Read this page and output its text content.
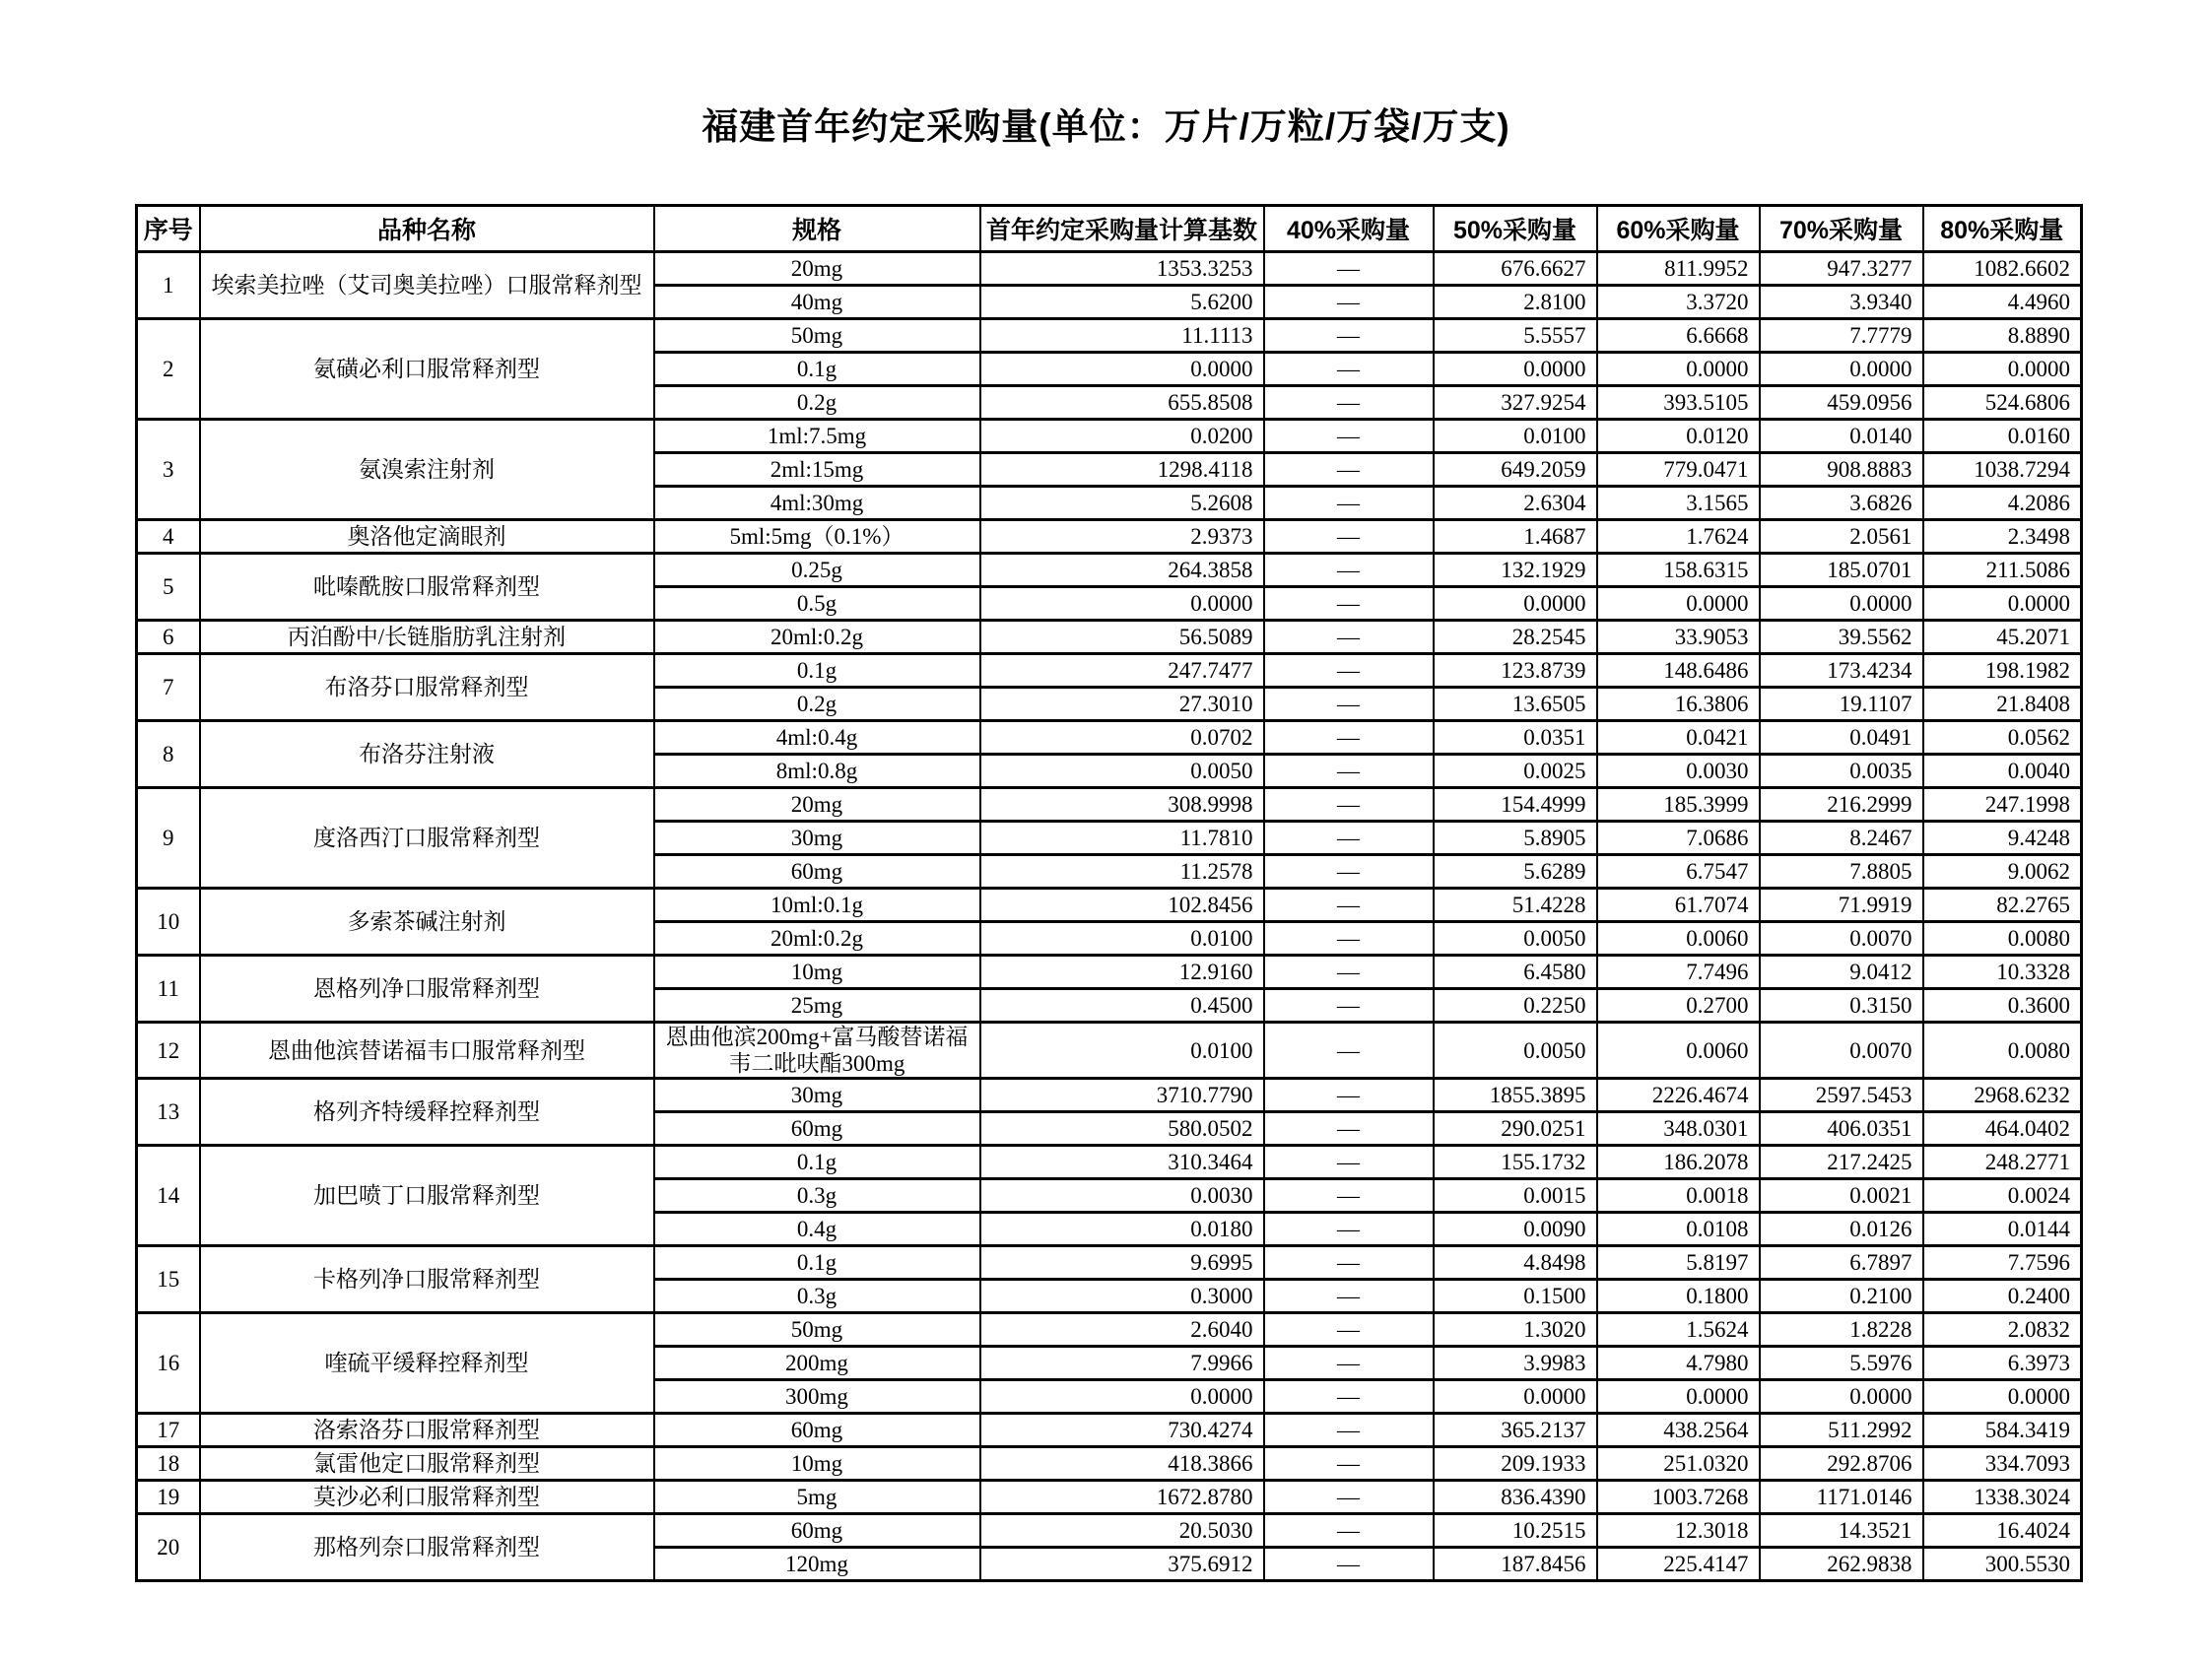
福建首年约定采购量(单位：万片/万粒/万袋/万支)
序号	品种名称	规格	首年约定采购量计算基数	40%采购量	50%采购量	60%采购量	70%采购量	80%采购量
1	埃索美拉唑（艾司奥美拉唑）口服常释剂型	20mg	1353.3253	—	676.6627	811.9952	947.3277	1082.6602
		40mg	5.6200	—	2.8100	3.3720	3.9340	4.4960
2	氨磺必利口服常释剂型	50mg	11.1113	—	5.5557	6.6668	7.7779	8.8890
		0.1g	0.0000	—	0.0000	0.0000	0.0000	0.0000
		0.2g	655.8508	—	327.9254	393.5105	459.0956	524.6806
3	氨溴索注射剂	1ml:7.5mg	0.0200	—	0.0100	0.0120	0.0140	0.0160
		2ml:15mg	1298.4118	—	649.2059	779.0471	908.8883	1038.7294
		4ml:30mg	5.2608	—	2.6304	3.1565	3.6826	4.2086
4	奥洛他定滴眼剂	5ml:5mg（0.1%）	2.9373	—	1.4687	1.7624	2.0561	2.3498
5	吡嗪酰胺口服常释剂型	0.25g	264.3858	—	132.1929	158.6315	185.0701	211.5086
		0.5g	0.0000	—	0.0000	0.0000	0.0000	0.0000
6	丙泊酚中/长链脂肪乳注射剂	20ml:0.2g	56.5089	—	28.2545	33.9053	39.5562	45.2071
7	布洛芬口服常释剂型	0.1g	247.7477	—	123.8739	148.6486	173.4234	198.1982
		0.2g	27.3010	—	13.6505	16.3806	19.1107	21.8408
8	布洛芬注射液	4ml:0.4g	0.0702	—	0.0351	0.0421	0.0491	0.0562
		8ml:0.8g	0.0050	—	0.0025	0.0030	0.0035	0.0040
9	度洛西汀口服常释剂型	20mg	308.9998	—	154.4999	185.3999	216.2999	247.1998
		30mg	11.7810	—	5.8905	7.0686	8.2467	9.4248
		60mg	11.2578	—	5.6289	6.7547	7.8805	9.0062
10	多索茶碱注射剂	10ml:0.1g	102.8456	—	51.4228	61.7074	71.9919	82.2765
		20ml:0.2g	0.0100	—	0.0050	0.0060	0.0070	0.0080
11	恩格列净口服常释剂型	10mg	12.9160	—	6.4580	7.7496	9.0412	10.3328
		25mg	0.4500	—	0.2250	0.2700	0.3150	0.3600
12	恩曲他滨替诺福韦口服常释剂型	恩曲他滨200mg+富马酸替诺福韦二吡呋酯300mg	0.0100	—	0.0050	0.0060	0.0070	0.0080
13	格列齐特缓释控释剂型	30mg	3710.7790	—	1855.3895	2226.4674	2597.5453	2968.6232
		60mg	580.0502	—	290.0251	348.0301	406.0351	464.0402
14	加巴喷丁口服常释剂型	0.1g	310.3464	—	155.1732	186.2078	217.2425	248.2771
		0.3g	0.0030	—	0.0015	0.0018	0.0021	0.0024
		0.4g	0.0180	—	0.0090	0.0108	0.0126	0.0144
15	卡格列净口服常释剂型	0.1g	9.6995	—	4.8498	5.8197	6.7897	7.7596
		0.3g	0.3000	—	0.1500	0.1800	0.2100	0.2400
16	喹硫平缓释控释剂型	50mg	2.6040	—	1.3020	1.5624	1.8228	2.0832
		200mg	7.9966	—	3.9983	4.7980	5.5976	6.3973
		300mg	0.0000	—	0.0000	0.0000	0.0000	0.0000
17	洛索洛芬口服常释剂型	60mg	730.4274	—	365.2137	438.2564	511.2992	584.3419
18	氯雷他定口服常释剂型	10mg	418.3866	—	209.1933	251.0320	292.8706	334.7093
19	莫沙必利口服常释剂型	5mg	1672.8780	—	836.4390	1003.7268	1171.0146	1338.3024
20	那格列奈口服常释剂型	60mg	20.5030	—	10.2515	12.3018	14.3521	16.4024
		120mg	375.6912	—	187.8456	225.4147	262.9838	300.5530
